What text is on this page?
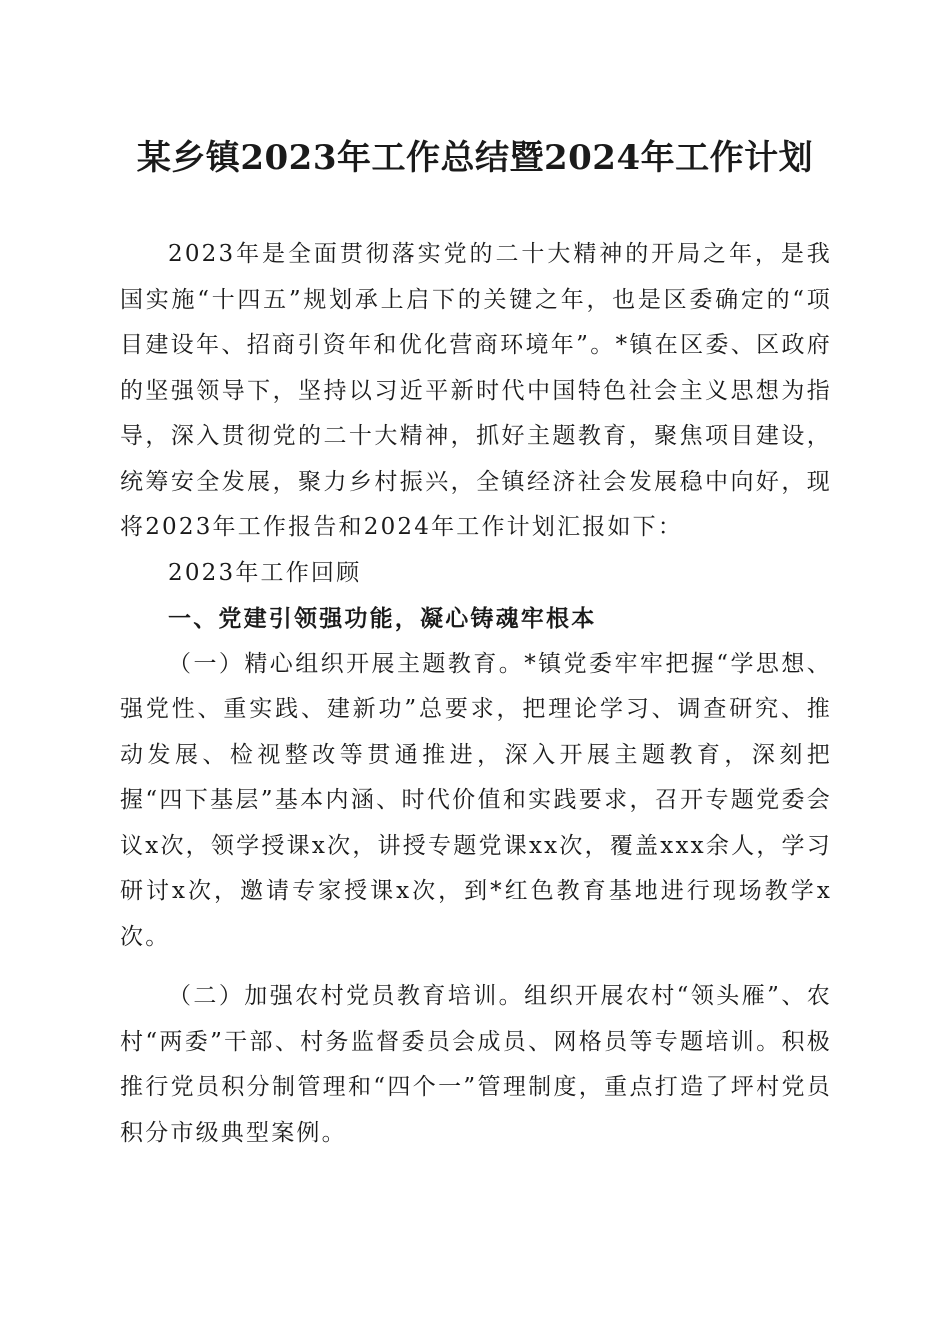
某乡镇2023年工作总结暨2024年工作计划

2023年是全面贯彻落实党的二十大精神的开局之年，是我国实施“十四五”规划承上启下的关键之年，也是区委确定的“项目建设年、招商引资年和优化营商环境年”。*镇在区委、区政府的坚强领导下，坚持以习近平新时代中国特色社会主义思想为指导，深入贯彻党的二十大精神，抓好主题教育，聚焦项目建设，统筹安全发展，聚力乡村振兴，全镇经济社会发展稳中向好，现将2023年工作报告和2024年工作计划汇报如下：

2023年工作回顾

一、党建引领强功能，凝心铸魂牢根本

（一）精心组织开展主题教育。*镇党委牢牢把握“学思想、强党性、重实践、建新功”总要求，把理论学习、调查研究、推动发展、检视整改等贯通推进，深入开展主题教育，深刻把握“四下基层”基本内涵、时代价值和实践要求，召开专题党委会议x次，领学授课x次，讲授专题党课xx次，覆盖xxx余人，学习研讨x次，邀请专家授课x次，到*红色教育基地进行现场教学x次。

（二）加强农村党员教育培训。组织开展农村“领头雁”、农村“两委”干部、村务监督委员会成员、网格员等专题培训。积极推行党员积分制管理和“四个一”管理制度，重点打造了坪村党员积分市级典型案例。
